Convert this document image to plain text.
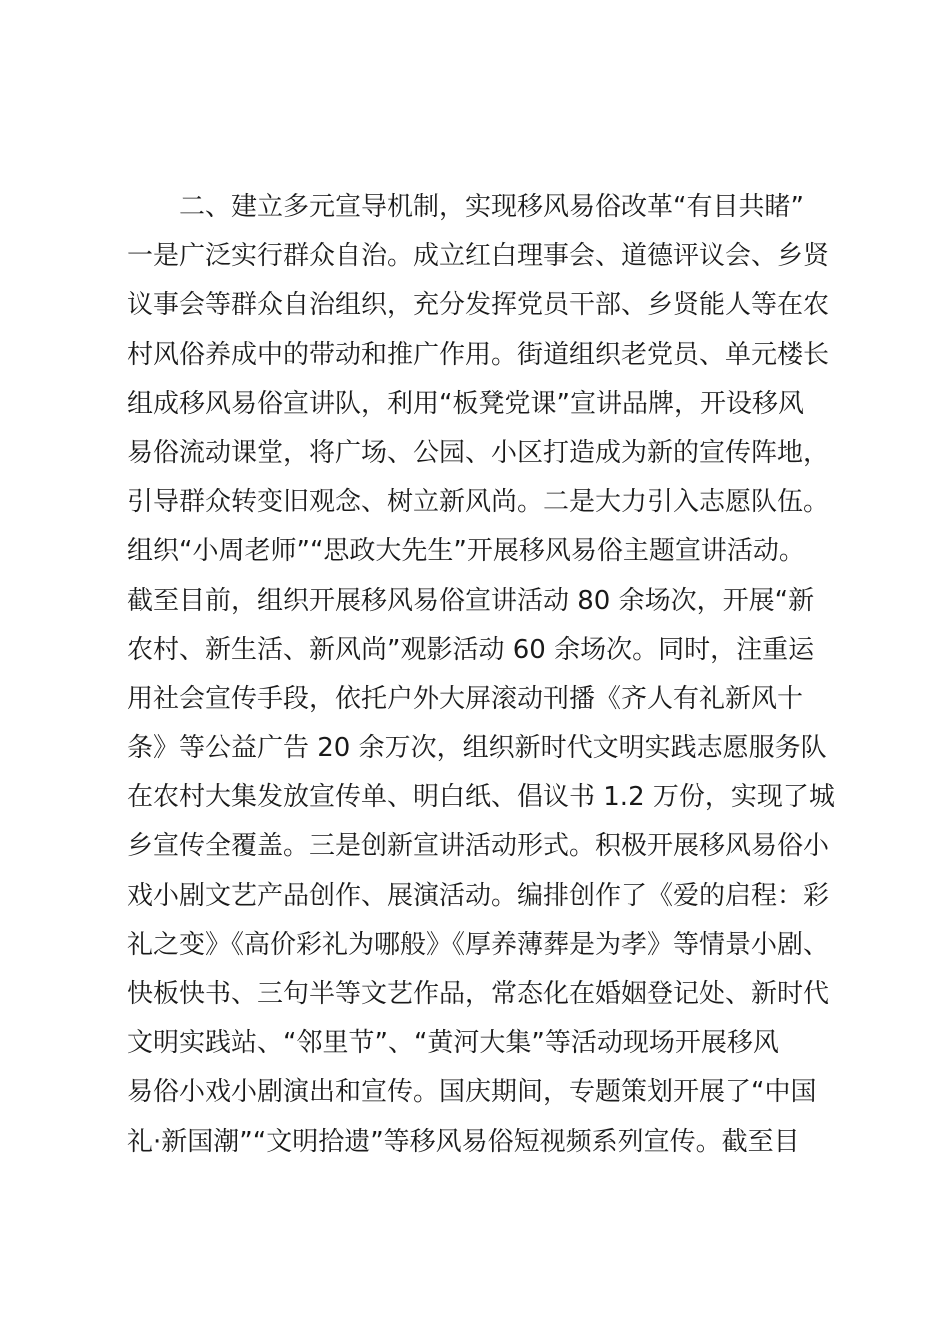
二、建立多元宣导机制，实现移风易俗改革“有目共睹”
一是广泛实行群众自治。成立红白理事会、道德评议会、乡贤
议事会等群众自治组织，充分发挥党员干部、乡贤能人等在农
村风俗养成中的带动和推广作用。街道组织老党员、单元楼长
组成移风易俗宣讲队，利用“板凳党课”宣讲品牌，开设移风
易俗流动课堂，将广场、公园、小区打造成为新的宣传阵地，
引导群众转变旧观念、树立新风尚。二是大力引入志愿队伍。
组织“小周老师”“思政大先生”开展移风易俗主题宣讲活动。
截至目前，组织开展移风易俗宣讲活动 80 余场次，开展“新
农村、新生活、新风尚”观影活动 60 余场次。同时，注重运
用社会宣传手段，依托户外大屏滚动刊播《齐人有礼新风十
条》等公益广告 20 余万次，组织新时代文明实践志愿服务队
在农村大集发放宣传单、明白纸、倡议书 1.2 万份，实现了城
乡宣传全覆盖。三是创新宣讲活动形式。积极开展移风易俗小
戏小剧文艺产品创作、展演活动。编排创作了《爱的启程：彩
礼之变》《高价彩礼为哪般》《厚养薄葬是为孝》等情景小剧、
快板快书、三句半等文艺作品，常态化在婚姻登记处、新时代
文明实践站、“邻里节”、“黄河大集”等活动现场开展移风
易俗小戏小剧演出和宣传。国庆期间，专题策划开展了“中国
礼·新国潮”“文明拾遗”等移风易俗短视频系列宣传。截至目
